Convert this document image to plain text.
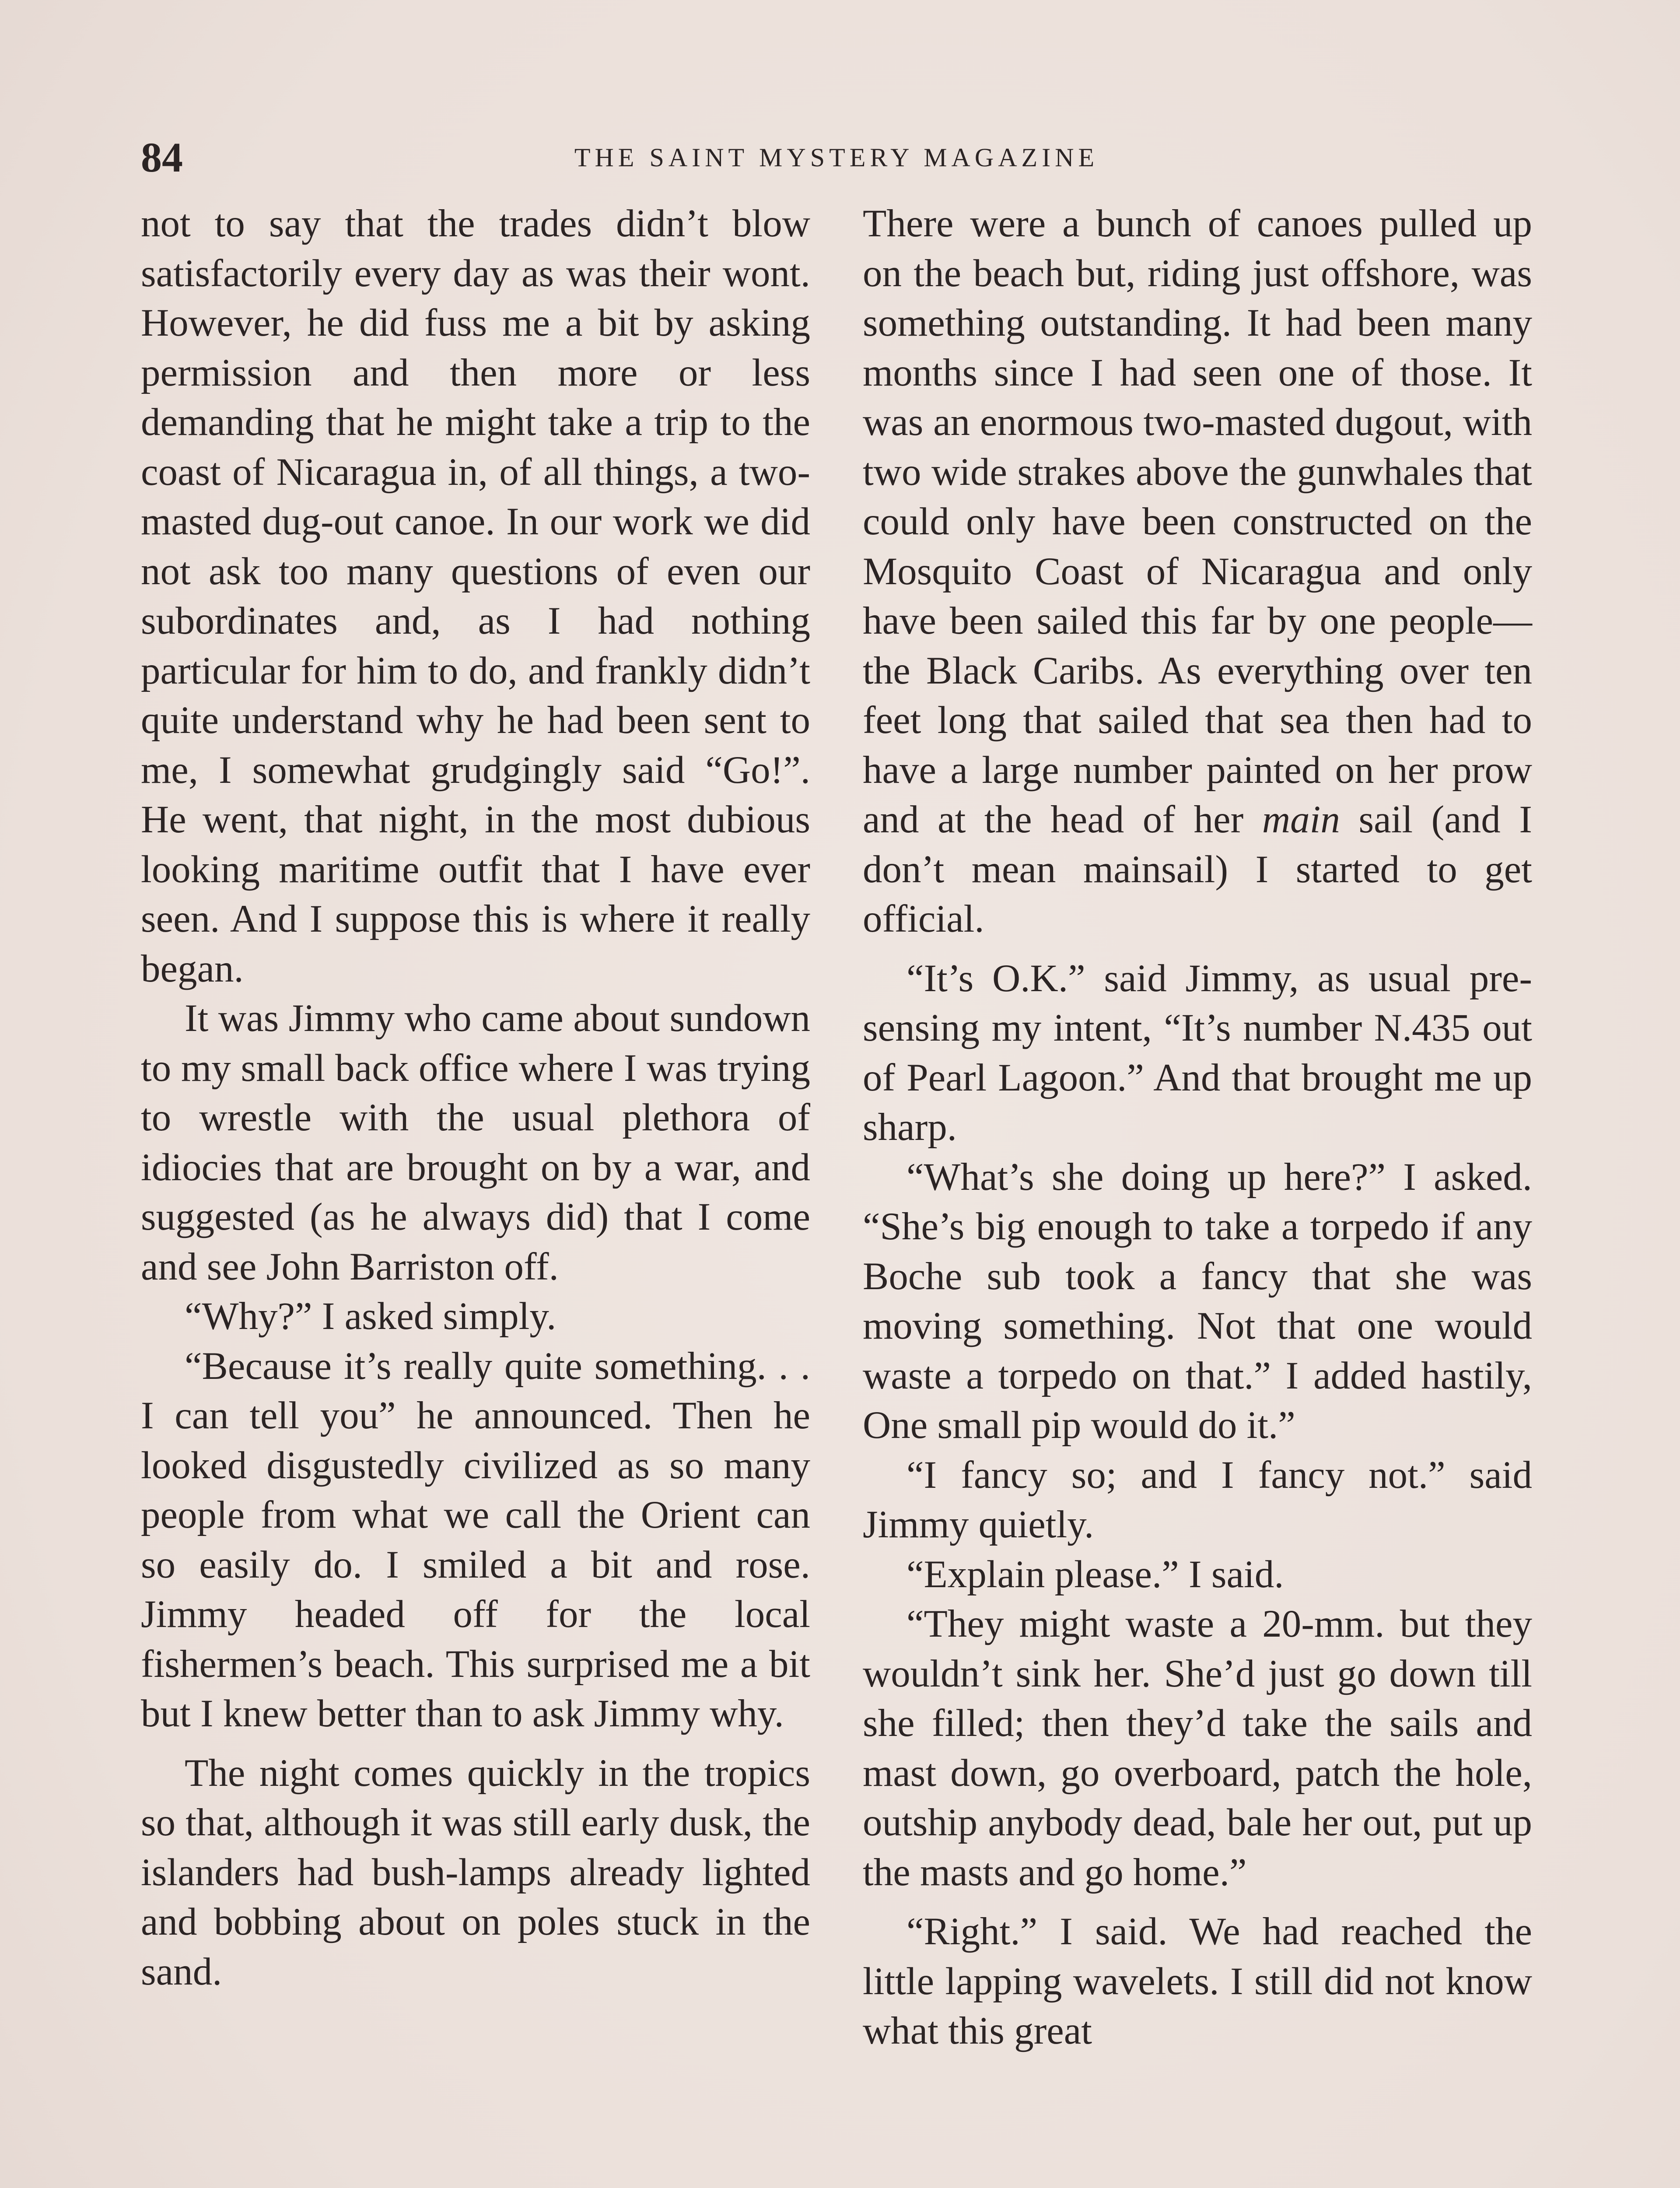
84	THE SAINT MYSTERY MAGAZINE

not to say that the trades didn’t blow satisfactorily every day as was their wont. However, he did fuss me a bit by asking permission and then more or less demanding that he might take a trip to the coast of Nicaragua in, of all things, a two-masted dug-out canoe. In our work we did not ask too many questions of even our subordinates and, as I had nothing particular for him to do, and frankly didn’t quite understand why he had been sent to me, I somewhat grudgingly said “Go!”. He went, that night, in the most dubious looking maritime outfit that I have ever seen. And I suppose this is where it really began.

It was Jimmy who came about sundown to my small back office where I was trying to wrestle with the usual plethora of idiocies that are brought on by a war, and suggested (as he always did) that I come and see John Barriston off.

“Why?” I asked simply.

“Because it’s really quite something. . . I can tell you” he announced. Then he looked disgustedly civilized as so many people from what we call the Orient can so easily do. I smiled a bit and rose. Jimmy headed off for the local fishermen’s beach. This surprised me a bit but I knew better than to ask Jimmy why.

The night comes quickly in the tropics so that, although it was still early dusk, the islanders had bush-lamps already lighted and bobbing about on poles stuck in the sand.

There were a bunch of canoes pulled up on the beach but, riding just offshore, was something outstanding. It had been many months since I had seen one of those. It was an enormous two-masted dugout, with two wide strakes above the gunwhales that could only have been constructed on the Mosquito Coast of Nicaragua and only have been sailed this far by one people—the Black Caribs. As everything over ten feet long that sailed that sea then had to have a large number painted on her prow and at the head of her main sail (and I don’t mean mainsail) I started to get official.

“It’s O.K.” said Jimmy, as usual pre-sensing my intent, “It’s number N.435 out of Pearl Lagoon.” And that brought me up sharp.

“What’s she doing up here?” I asked. “She’s big enough to take a torpedo if any Boche sub took a fancy that she was moving something. Not that one would waste a torpedo on that.” I added hastily, One small pip would do it.”

“I fancy so; and I fancy not.” said Jimmy quietly.

“Explain please.” I said.

“They might waste a 20-mm. but they wouldn’t sink her. She’d just go down till she filled; then they’d take the sails and mast down, go overboard, patch the hole, outship anybody dead, bale her out, put up the masts and go home.”

“Right.” I said. We had reached the little lapping wavelets. I still did not know what this great
